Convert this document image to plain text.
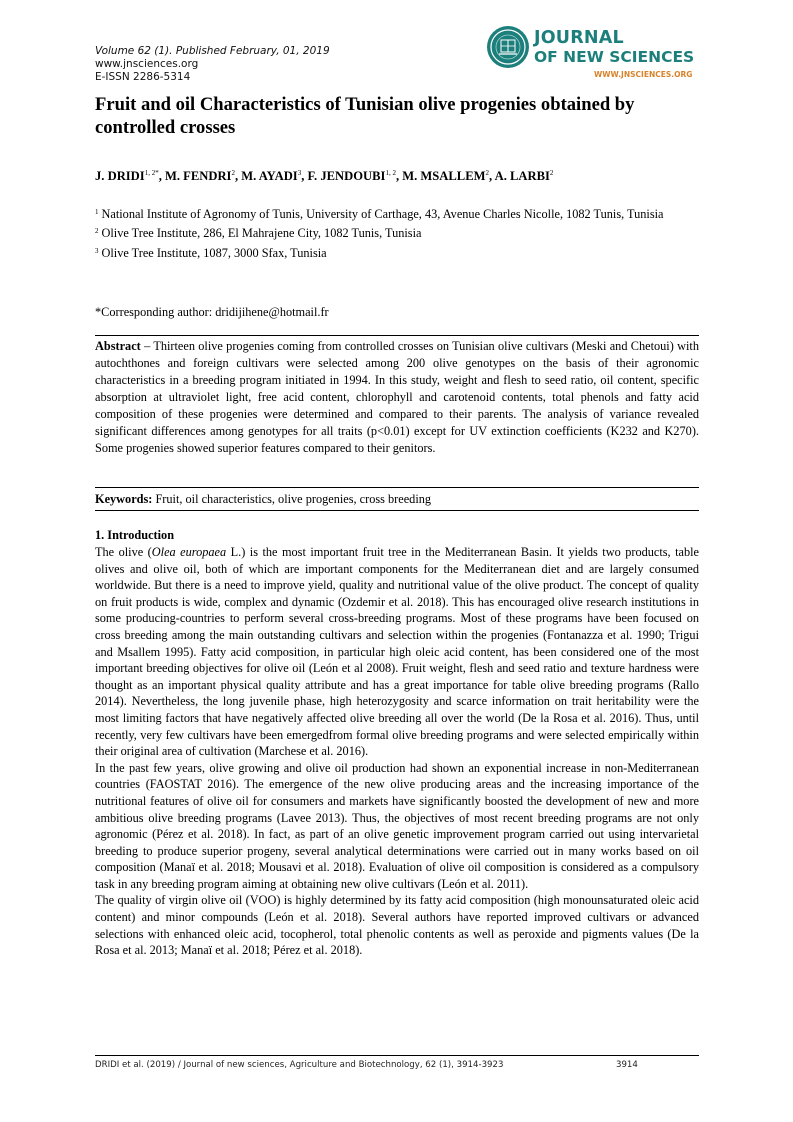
Volume 62 (1). Published February, 01, 2019
www.jnsciences.org
E-ISSN 2286-5314
JOURNAL
OF NEW SCIENCES
WWW.JNSCIENCES.ORG
Fruit and oil Characteristics of Tunisian olive progenies obtained by controlled crosses
J. $DRIDI^{1, 2*}$, M. FENDRI$^2$, M. AYADI$^3$, F. JENDOUBI$^{1, 2}$, M. MSALLEM$^2$, A. LARBI$^2$

$^1$ National Institute of Agronomy of Tunis, University of Carthage, 43, Avenue Charles Nicolle, 1082 Tunis, Tunisia

$^2$ Olive Tree Institute, 286, El Mahrajene City, 1082 Tunis, Tunisia

$^3$ Olive Tree Institute, 1087, 3000 Sfax, Tunisia

*Corresponding author: dridijihene@hotmail.fr

Abstract – Thirteen olive progenies coming from controlled crosses on Tunisian olive cultivars (Meski and Chetoui) with autochthones and foreign cultivars were selected among 200 olive genotypes on the basis of their agronomic characteristics in a breeding program initiated in 1994. In this study, weight and flesh to seed ratio, oil content, specific absorption at ultraviolet light, free acid content, chlorophyll and carotenoid contents, total phenols and fatty acid composition of these progenies were determined and compared to their parents. The analysis of variance revealed significant differences among genotypes for all traits (p<0.01) except for UV extinction coefficients (K232 and K270). Some progenies showed superior features compared to their genitors.

Keywords: Fruit, oil characteristics, olive progenies, cross breeding
1. Introduction

The olive (Olea europaea L.) is the most important fruit tree in the Mediterranean Basin. It yields two products, table olives and olive oil, both of which are important components for the Mediterranean diet and are largely consumed worldwide. But there is a need to improve yield, quality and nutritional value of the olive product. The concept of quality on fruit products is wide, complex and dynamic (Ozdemir et al. 2018). This has encouraged olive research institutions in some producing-countries to perform several cross-breeding programs. Most of these programs have been focused on cross breeding among the main outstanding cultivars and selection within the progenies (Fontanazza et al. 1990; Trigui and Msallem 1995). Fatty acid composition, in particular high oleic acid content, has been considered one of the most important breeding objectives for olive oil (León et al 2008). Fruit weight, flesh and seed ratio and texture hardness were thought as an important physical quality attribute and has a great importance for table olive breeding programs (Rallo 2014). Nevertheless, the long juvenile phase, high heterozygosity and scarce information on trait heritability were the most limiting factors that have negatively affected olive breeding all over the world (De la Rosa et al. 2016). Thus, until recently, very few cultivars have been emergedfrom formal olive breeding programs and were selected empirically within their original area of cultivation (Marchese et al. 2016).

In the past few years, olive growing and olive oil production had shown an exponential increase in non-Mediterranean countries (FAOSTAT 2016). The emergence of the new olive producing areas and the increasing importance of the nutritional features of olive oil for consumers and markets have significantly boosted the development of new and more ambitious olive breeding programs (Lavee 2013). Thus, the objectives of most recent breeding programs are not only agronomic (Pérez et al. 2018). In fact, as part of an olive genetic improvement program carried out using intervarietal breeding to produce superior progeny, several analytical determinations were carried out in many works based on oil composition (Manaï et al. 2018; Mousavi et al. 2018). Evaluation of olive oil composition is considered as a compulsory task in any breeding program aiming at obtaining new olive cultivars (León et al. 2011).

The quality of virgin olive oil (VOO) is highly determined by its fatty acid composition (high monounsaturated oleic acid content) and minor compounds (León et al. 2018). Several authors have reported improved cultivars or advanced selections with enhanced oleic acid, tocopherol, total phenolic contents as well as peroxide and pigments values (De la Rosa et al. 2013; Manaï et al. 2018; Pérez et al. 2018).

DRIDI et al. (2019) / Journal of new sciences, Agriculture and Biotechnology, 62 (1), 3914-3923	3914
